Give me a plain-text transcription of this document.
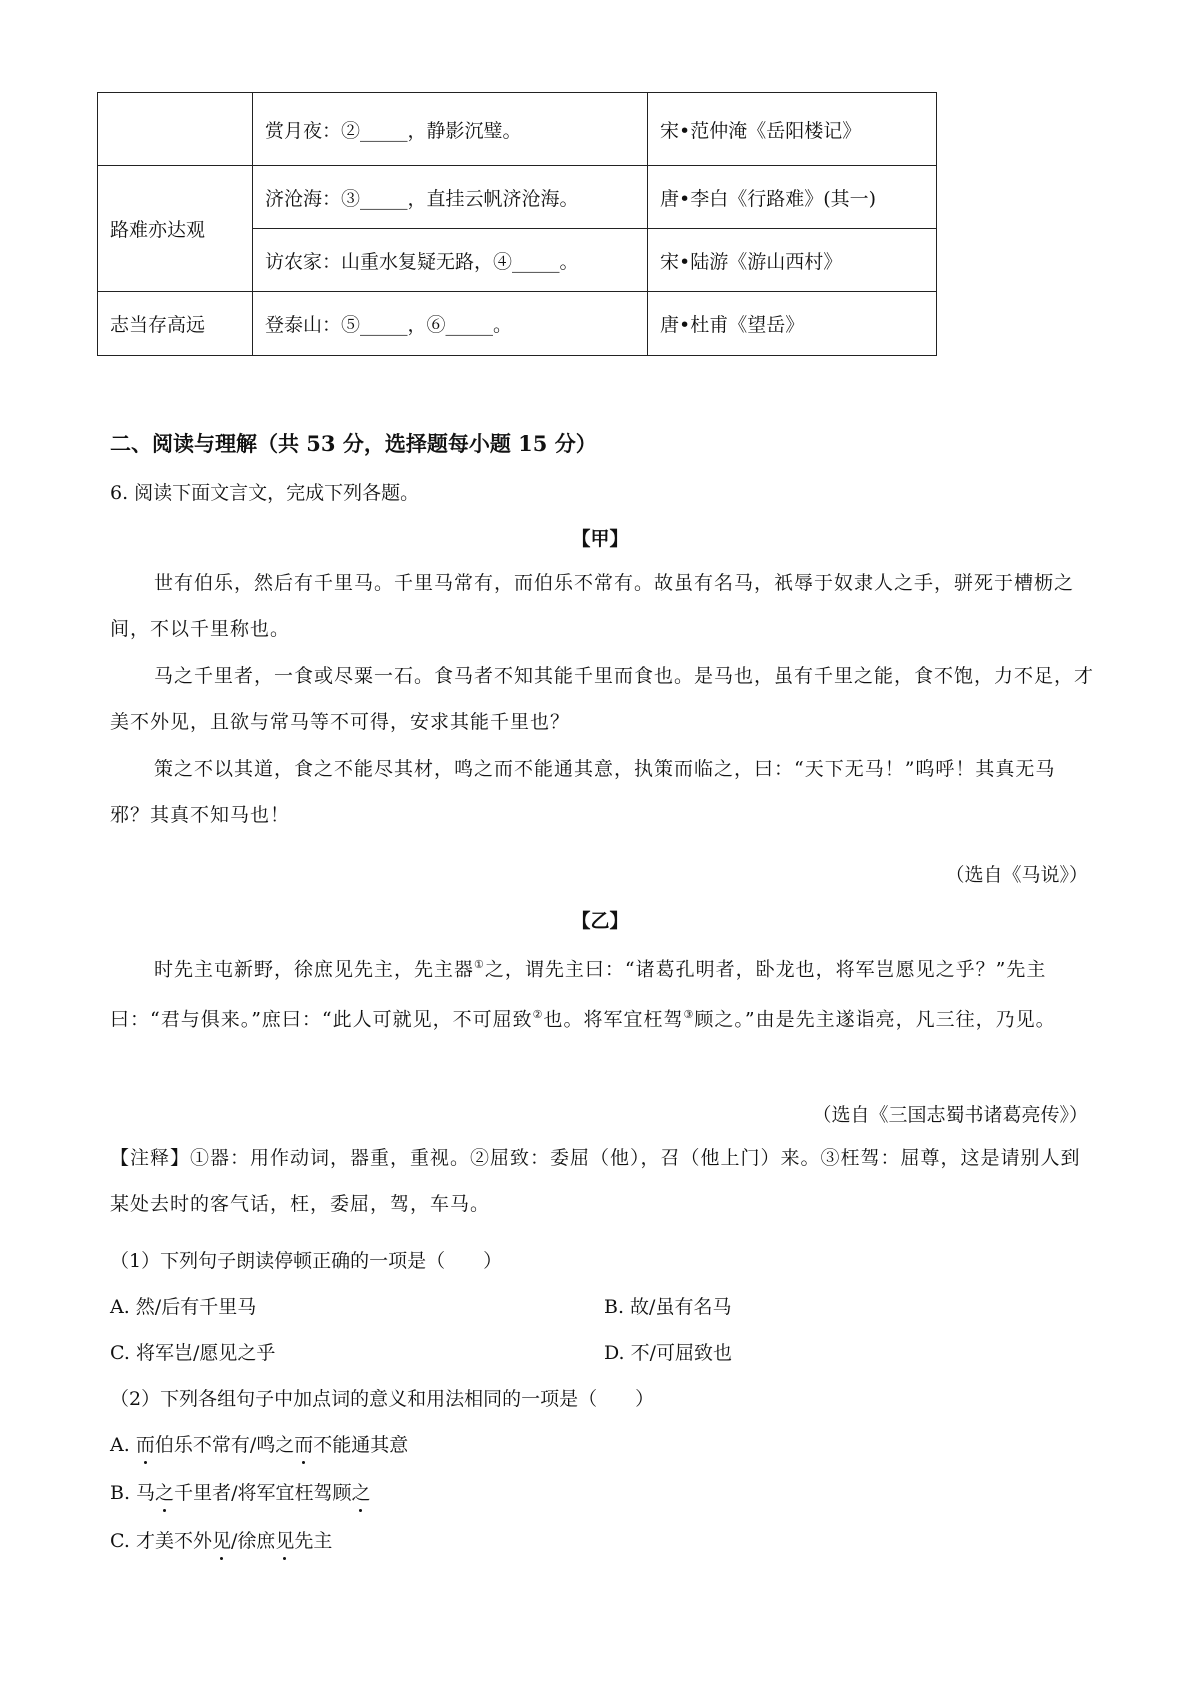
	赏月夜：②_____，静影沉璧。	宋•范仲淹《岳阳楼记》
路难亦达观	济沧海：③_____，直挂云帆济沧海。	唐•李白《行路难》(其一)
	访农家：山重水复疑无路，④_____。	宋•陆游《游山西村》
志当存高远	登泰山：⑤_____，⑥_____。	唐•杜甫《望岳》
二、阅读与理解（共 53 分，选择题每小题 15 分）
6. 阅读下面文言文，完成下列各题。
【甲】
世有伯乐，然后有千里马。千里马常有，而伯乐不常有。故虽有名马，祇辱于奴隶人之手，骈死于槽枥之间，不以千里称也。
马之千里者，一食或尽粟一石。食马者不知其能千里而食也。是马也，虽有千里之能，食不饱，力不足，才美不外见，且欲与常马等不可得，安求其能千里也？
策之不以其道，食之不能尽其材，鸣之而不能通其意，执策而临之，曰：“天下无马！”呜呼！其真无马邪？其真不知马也！
（选自《马说》）
【乙】
时先主屯新野，徐庶见先主，先主器①之，谓先主曰：“诸葛孔明者，卧龙也，将军岂愿见之乎？”先主曰：“君与俱来。”庶曰：“此人可就见，不可屈致②也。将军宜枉驾③顾之。”由是先主遂诣亮，凡三往，乃见。
（选自《三国志蜀书诸葛亮传》）
【注释】①器：用作动词，器重，重视。②屈致：委屈（他），召（他上门）来。③枉驾：屈尊，这是请别人到某处去时的客气话，枉，委屈，驾，车马。
（1）下列句子朗读停顿正确的一项是（　　）
A. 然/后有千里马	B. 故/虽有名马
C. 将军岂/愿见之乎	D. 不/可屈致也
（2）下列各组句子中加点词的意义和用法相同的一项是（　　）
A. 而伯乐不常有/鸣之而不能通其意
B. 马之千里者/将军宜枉驾顾之
C. 才美不外见/徐庶见先主
